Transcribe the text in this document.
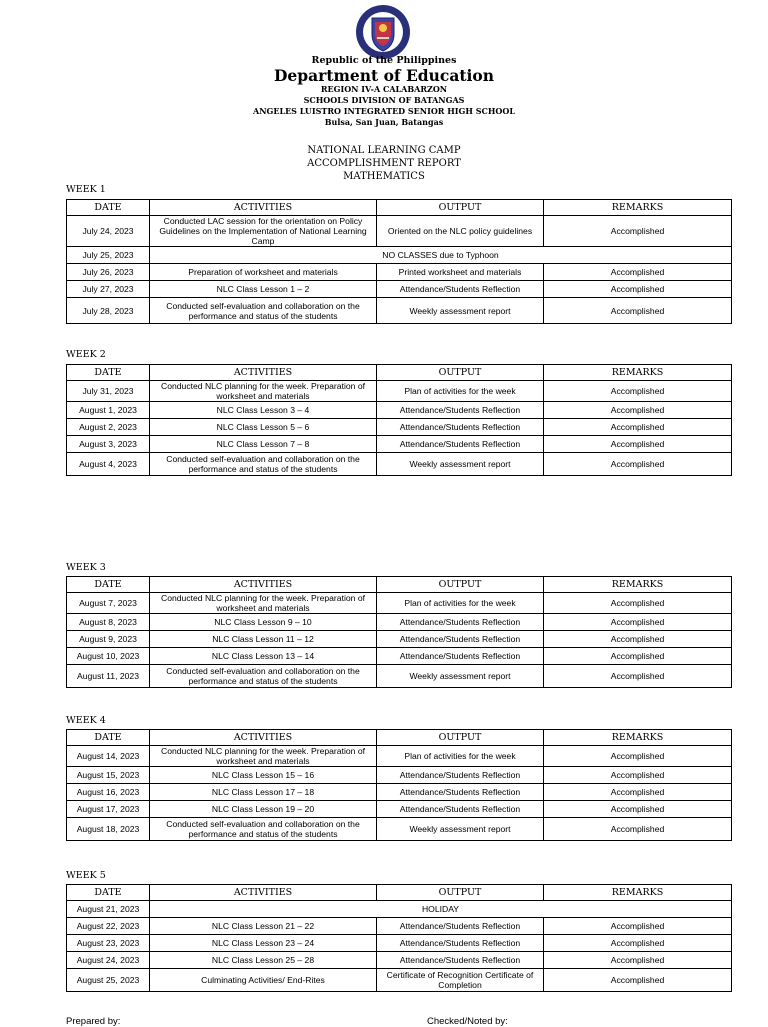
Republic of the Philippines
Department of Education
REGION IV-A CALABARZON
SCHOOLS DIVISION OF BATANGAS
ANGELES LUISTRO INTEGRATED SENIOR HIGH SCHOOL
Bulsa, San Juan, Batangas
NATIONAL LEARNING CAMP
ACCOMPLISHMENT REPORT
MATHEMATICS
WEEK 1
DATE	ACTIVITIES	OUTPUT	REMARKS
July 24, 2023	Conducted LAC session for the orientation on Policy Guidelines on the Implementation of National Learning Camp	Oriented on the NLC policy guidelines	Accomplished
July 25, 2023	NO CLASSES due to Typhoon		
July 26, 2023	Preparation of worksheet and materials	Printed worksheet and materials	Accomplished
July 27, 2023	NLC Class Lesson 1 – 2	Attendance/Students Reflection	Accomplished
July 28, 2023	Conducted self-evaluation and collaboration on the performance and status of the students	Weekly assessment report	Accomplished
WEEK 2
DATE	ACTIVITIES	OUTPUT	REMARKS
July 31, 2023	Conducted NLC planning for the week. Preparation of worksheet and materials	Plan of activities for the week	Accomplished
August 1, 2023	NLC Class Lesson 3 – 4	Attendance/Students Reflection	Accomplished
August 2, 2023	NLC Class Lesson 5 – 6	Attendance/Students Reflection	Accomplished
August 3, 2023	NLC Class Lesson 7 – 8	Attendance/Students Reflection	Accomplished
August 4, 2023	Conducted self-evaluation and collaboration on the performance and status of the students	Weekly assessment report	Accomplished
WEEK 3
DATE	ACTIVITIES	OUTPUT	REMARKS
August 7, 2023	Conducted NLC planning for the week. Preparation of worksheet and materials	Plan of activities for the week	Accomplished
August 8, 2023	NLC Class Lesson 9 – 10	Attendance/Students Reflection	Accomplished
August 9, 2023	NLC Class Lesson 11 – 12	Attendance/Students Reflection	Accomplished
August 10, 2023	NLC Class Lesson 13 – 14	Attendance/Students Reflection	Accomplished
August 11, 2023	Conducted self-evaluation and collaboration on the performance and status of the students	Weekly assessment report	Accomplished
WEEK 4
DATE	ACTIVITIES	OUTPUT	REMARKS
August 14, 2023	Conducted NLC planning for the week. Preparation of worksheet and materials	Plan of activities for the week	Accomplished
August 15, 2023	NLC Class Lesson 15 – 16	Attendance/Students Reflection	Accomplished
August 16, 2023	NLC Class Lesson 17 – 18	Attendance/Students Reflection	Accomplished
August 17, 2023	NLC Class Lesson 19 – 20	Attendance/Students Reflection	Accomplished
August 18, 2023	Conducted self-evaluation and collaboration on the performance and status of the students	Weekly assessment report	Accomplished
WEEK 5
DATE	ACTIVITIES	OUTPUT	REMARKS
August 21, 2023	HOLIDAY		
August 22, 2023	NLC Class Lesson 21 – 22	Attendance/Students Reflection	Accomplished
August 23, 2023	NLC Class Lesson 23 – 24	Attendance/Students Reflection	Accomplished
August 24, 2023	NLC Class Lesson 25 – 28	Attendance/Students Reflection	Accomplished
August 25, 2023	Culminating Activities/ End-Rites	Certificate of Recognition Certificate of Completion	Accomplished
Prepared by:	Checked/Noted by:
